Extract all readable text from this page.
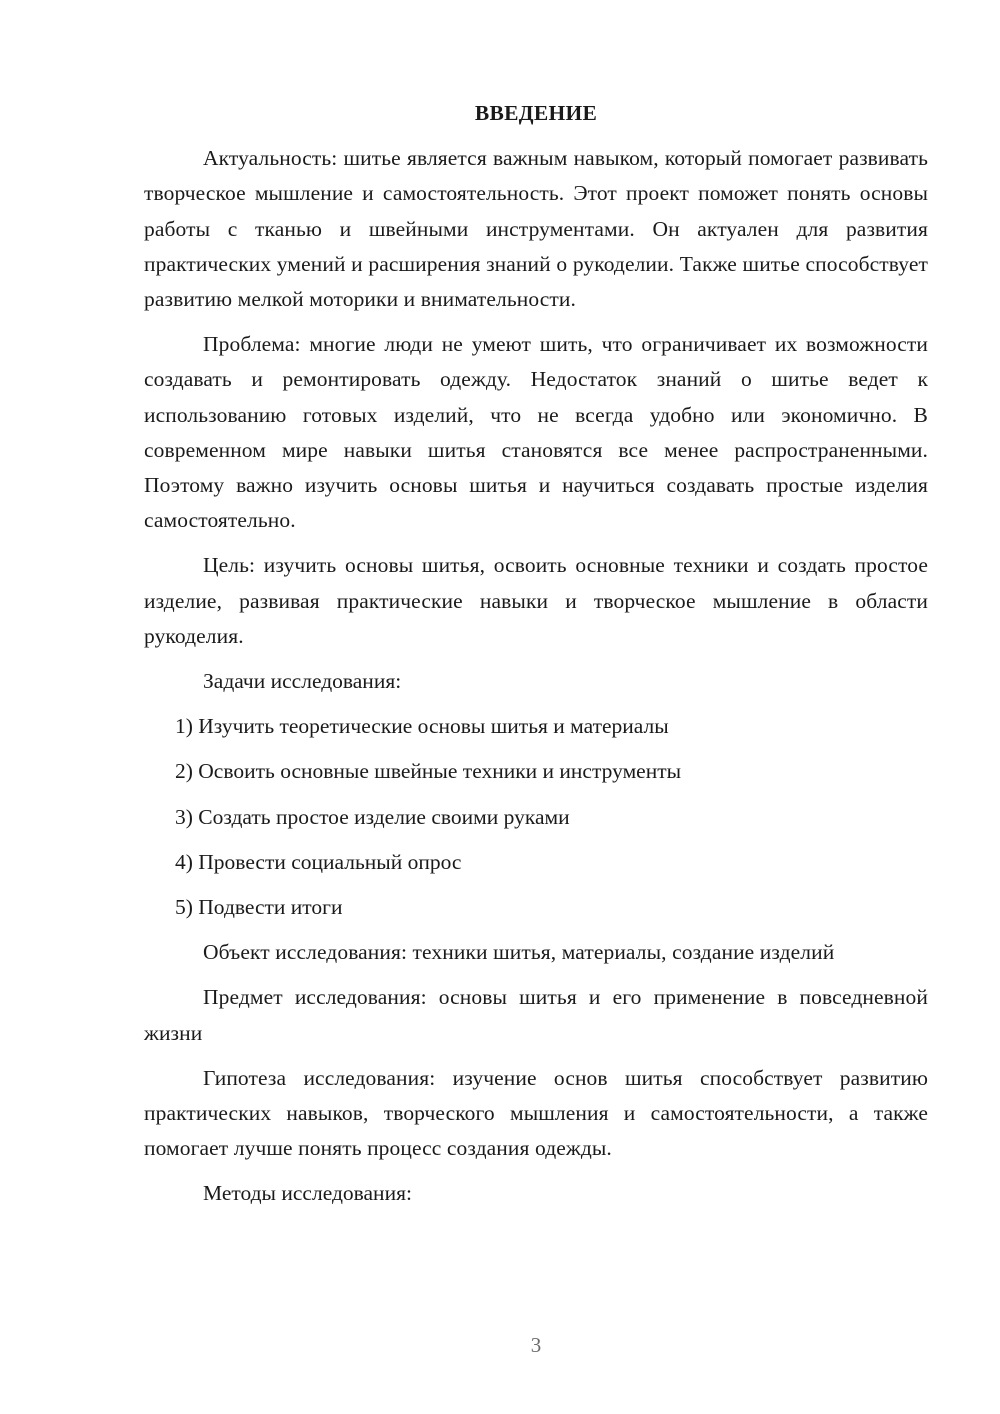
ВВЕДЕНИЕ

Актуальность: шитье является важным навыком, который помогает развивать творческое мышление и самостоятельность. Этот проект поможет понять основы работы с тканью и швейными инструментами. Он актуален для развития практических умений и расширения знаний о рукоделии. Также шитье способствует развитию мелкой моторики и внимательности.

Проблема: многие люди не умеют шить, что ограничивает их возможности создавать и ремонтировать одежду. Недостаток знаний о шитье ведет к использованию готовых изделий, что не всегда удобно или экономично. В современном мире навыки шитья становятся все менее распространенными. Поэтому важно изучить основы шитья и научиться создавать простые изделия самостоятельно.

Цель: изучить основы шитья, освоить основные техники и создать простое изделие, развивая практические навыки и творческое мышление в области рукоделия.

Задачи исследования:

1) Изучить теоретические основы шитья и материалы
2) Освоить основные швейные техники и инструменты
3) Создать простое изделие своими руками
4) Провести социальный опрос
5) Подвести итоги

Объект исследования: техники шитья, материалы, создание изделий

Предмет исследования: основы шитья и его применение в повседневной жизни

Гипотеза исследования: изучение основ шитья способствует развитию практических навыков, творческого мышления и самостоятельности, а также помогает лучше понять процесс создания одежды.

Методы исследования:

3
